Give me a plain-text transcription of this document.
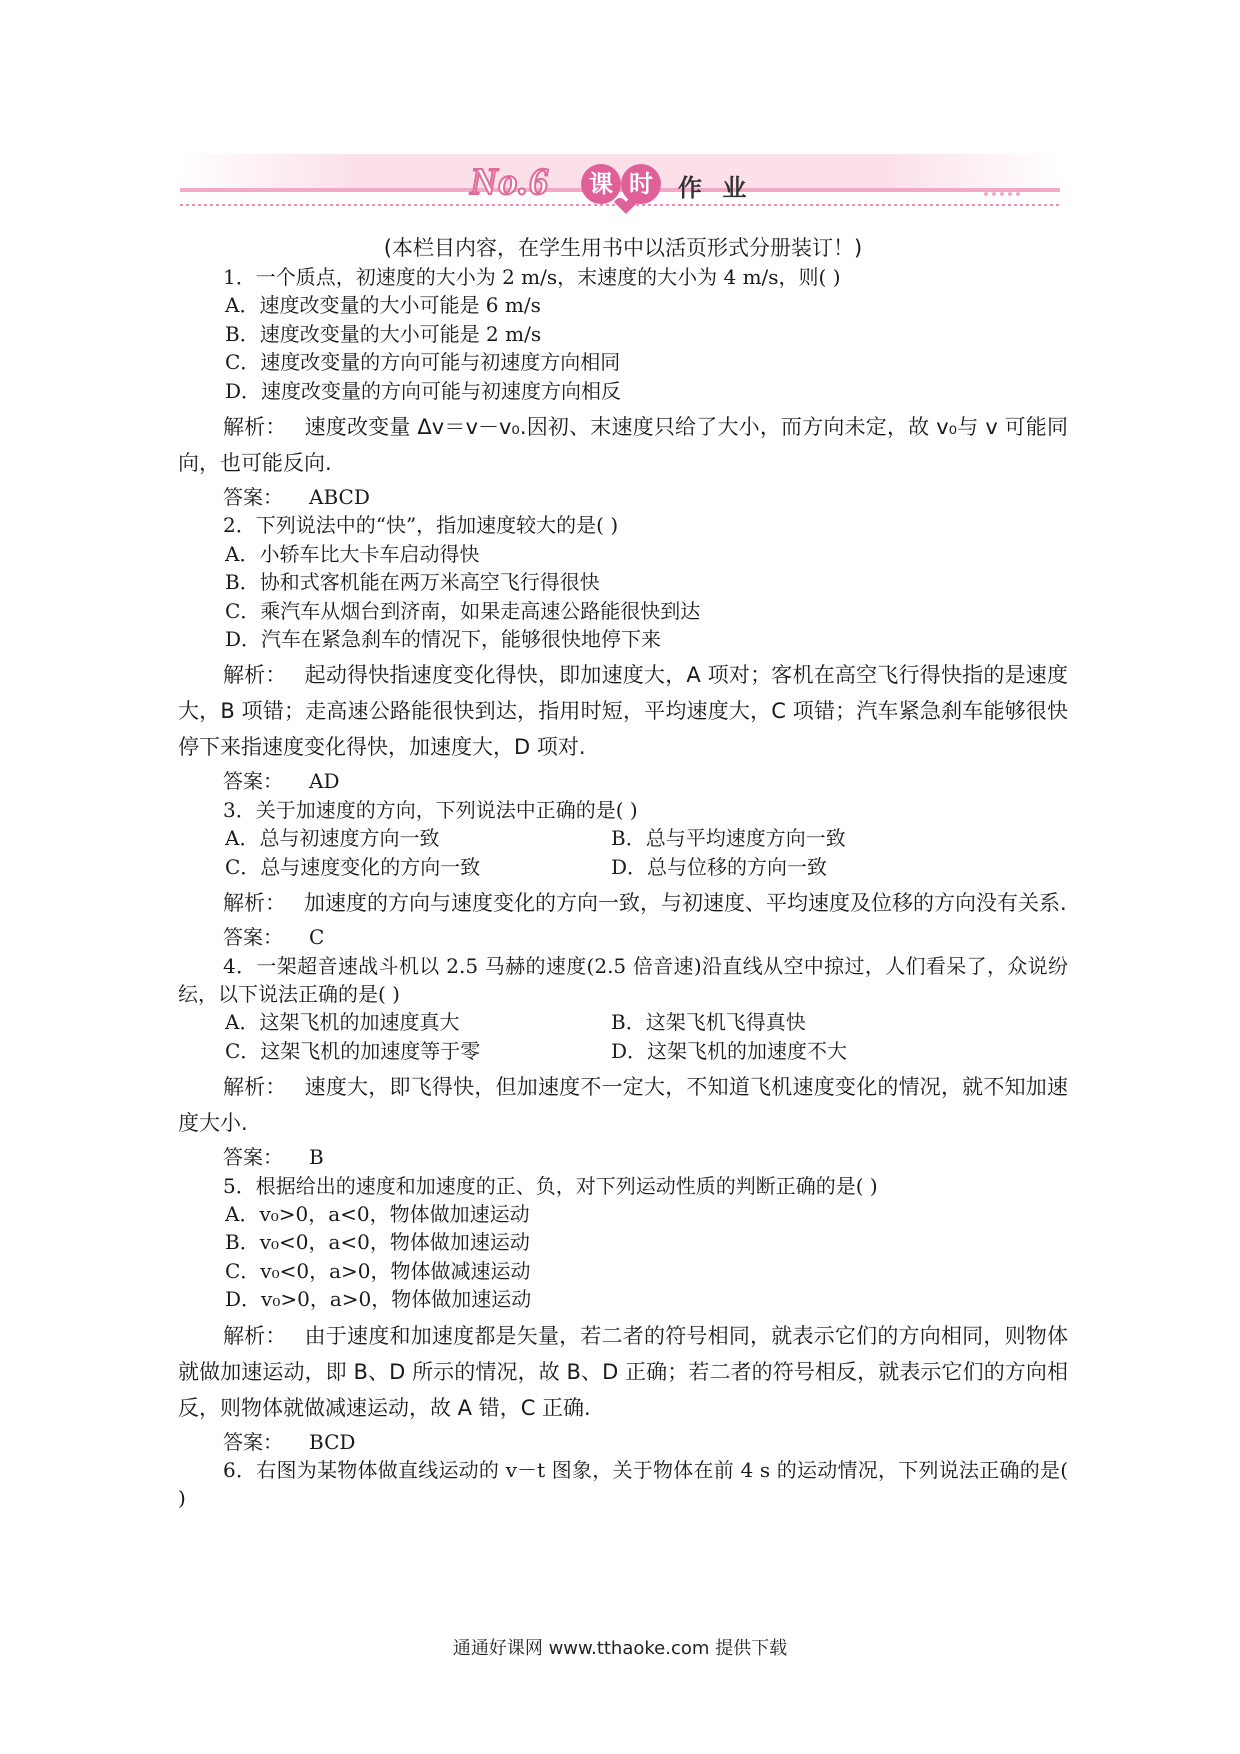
No.6	课 时	作 业
(本栏目内容，在学生用书中以活页形式分册装订！)
1．一个质点，初速度的大小为 2 m/s，末速度的大小为 4 m/s，则( )
A．速度改变量的大小可能是 6 m/s
B．速度改变量的大小可能是 2 m/s
C．速度改变量的方向可能与初速度方向相同
D．速度改变量的方向可能与初速度方向相反

解析： 速度改变量 Δv＝v－v₀.因初、末速度只给了大小，而方向未定，故 v₀与 v 可能同向，也可能反向.

答案： ABCD
2．下列说法中的“快”，指加速度较大的是( )
A．小轿车比大卡车启动得快
B．协和式客机能在两万米高空飞行得很快
C．乘汽车从烟台到济南，如果走高速公路能很快到达
D．汽车在紧急刹车的情况下，能够很快地停下来

解析： 起动得快指速度变化得快，即加速度大，A 项对；客机在高空飞行得快指的是速度大，B 项错；走高速公路能很快到达，指用时短，平均速度大，C 项错；汽车紧急刹车能够很快停下来指速度变化得快，加速度大，D 项对.

答案： AD
3．关于加速度的方向，下列说法中正确的是( )
A．总与初速度方向一致	B．总与平均速度方向一致
C．总与速度变化的方向一致	D．总与位移的方向一致

解析： 加速度的方向与速度变化的方向一致，与初速度、平均速度及位移的方向没有关系.

答案： C

4．一架超音速战斗机以 2.5 马赫的速度(2.5 倍音速)沿直线从空中掠过，人们看呆了，众说纷纭，以下说法正确的是( )

A．这架飞机的加速度真大	B．这架飞机飞得真快
C．这架飞机的加速度等于零	D．这架飞机的加速度不大

解析： 速度大，即飞得快，但加速度不一定大，不知道飞机速度变化的情况，就不知加速度大小.

答案： B
5．根据给出的速度和加速度的正、负，对下列运动性质的判断正确的是( )
A．v₀>0，a<0，物体做加速运动
B．v₀<0，a<0，物体做加速运动
C．v₀<0，a>0，物体做减速运动
D．v₀>0，a>0，物体做加速运动

解析： 由于速度和加速度都是矢量，若二者的符号相同，就表示它们的方向相同，则物体就做加速运动，即 B、D 所示的情况，故 B、D 正确；若二者的符号相反，就表示它们的方向相反，则物体就做减速运动，故 A 错，C 正确.

答案： BCD

6．右图为某物体做直线运动的 v－t 图象，关于物体在前 4 s 的运动情况，下列说法正确的是( )

通通好课网 www.tthaoke.com 提供下载
